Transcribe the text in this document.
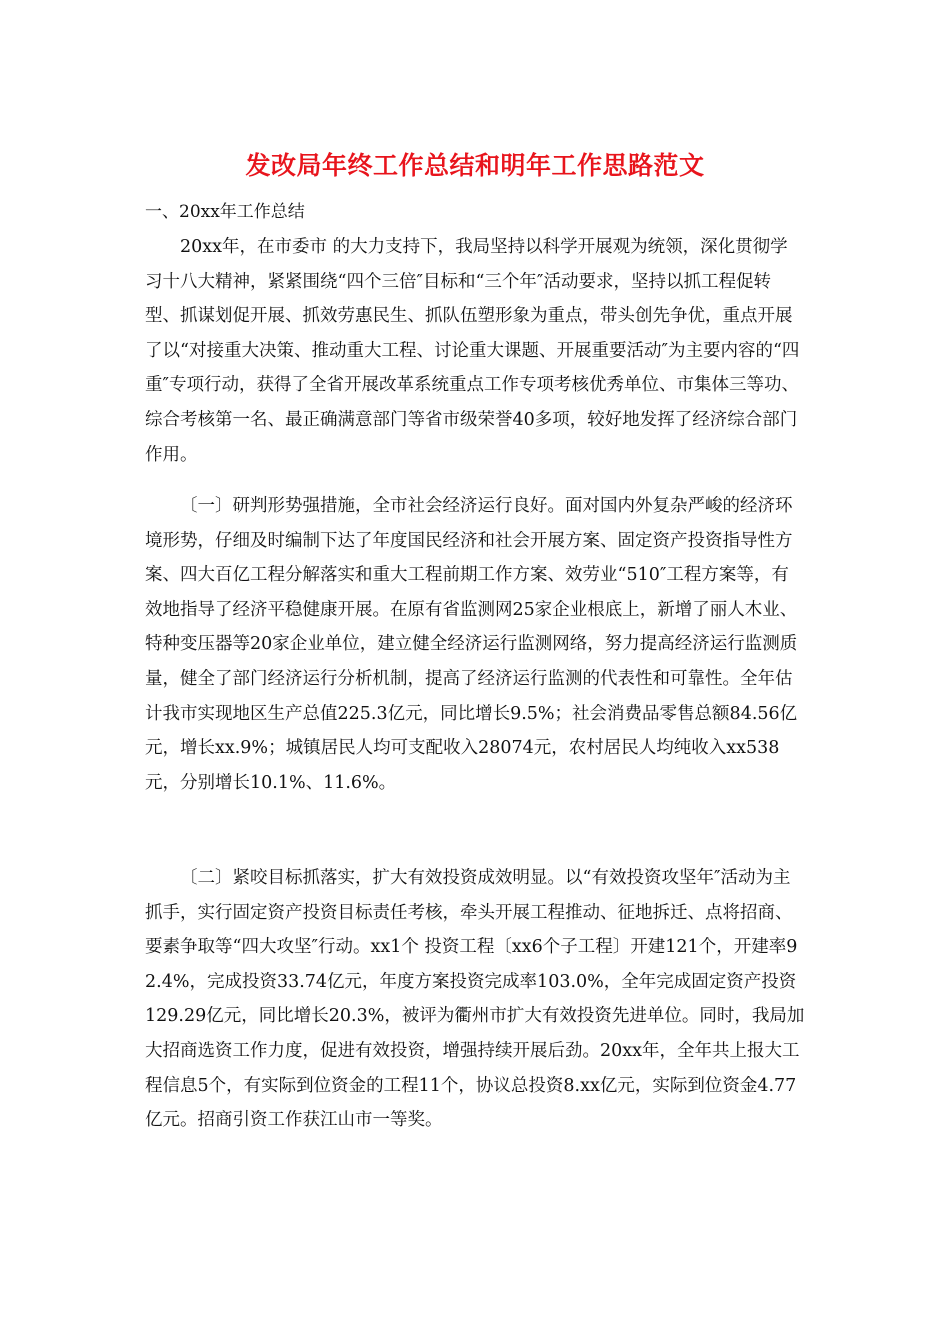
发改局年终工作总结和明年工作思路范文
一、20xx年工作总结

20xx年，在市委市 的大力支持下，我局坚持以科学开展观为统领，深化贯彻学习十八大精神，紧紧围绕“四个三倍″目标和“三个年″活动要求，坚持以抓工程促转型、抓谋划促开展、抓效劳惠民生、抓队伍塑形象为重点，带头创先争优，重点开展了以“对接重大决策、推动重大工程、讨论重大课题、开展重要活动″为主要内容的“四重″专项行动，获得了全省开展改革系统重点工作专项考核优秀单位、市集体三等功、综合考核第一名、最正确满意部门等省市级荣誉40多项，较好地发挥了经济综合部门作用。

〔一〕研判形势强措施，全市社会经济运行良好。面对国内外复杂严峻的经济环境形势，仔细及时编制下达了年度国民经济和社会开展方案、固定资产投资指导性方案、四大百亿工程分解落实和重大工程前期工作方案、效劳业“510″工程方案等，有效地指导了经济平稳健康开展。在原有省监测网25家企业根底上，新增了丽人木业、特种变压器等20家企业单位，建立健全经济运行监测网络，努力提高经济运行监测质量，健全了部门经济运行分析机制，提高了经济运行监测的代表性和可靠性。全年估计我市实现地区生产总值225.3亿元，同比增长9.5%；社会消费品零售总额84.56亿元，增长xx.9%；城镇居民人均可支配收入28074元，农村居民人均纯收入xx538元，分别增长10.1%、11.6%。

〔二〕紧咬目标抓落实，扩大有效投资成效明显。以“有效投资攻坚年″活动为主抓手，实行固定资产投资目标责任考核，牵头开展工程推动、征地拆迁、点将招商、要素争取等“四大攻坚″行动。xx1个 投资工程〔xx6个子工程〕开建121个，开建率92.4%，完成投资33.74亿元，年度方案投资完成率103.0%，全年完成固定资产投资129.29亿元，同比增长20.3%，被评为衢州市扩大有效投资先进单位。同时，我局加大招商选资工作力度，促进有效投资，增强持续开展后劲。20xx年，全年共上报大工程信息5个，有实际到位资金的工程11个，协议总投资8.xx亿元，实际到位资金4.77亿元。招商引资工作获江山市一等奖。
